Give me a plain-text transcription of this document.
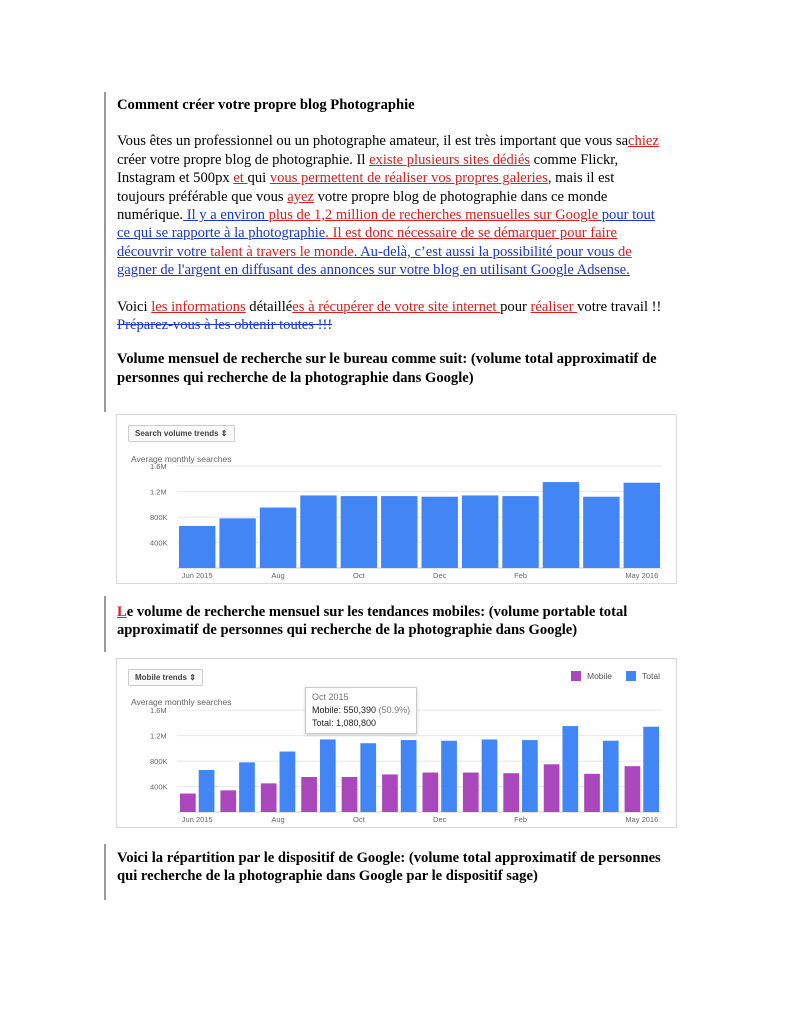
Comment créer votre propre blog Photographie

Vous êtes un professionnel ou un photographe amateur, il est très important que vous sachiez créer votre propre blog de photographie. Il existe plusieurs sites dédiés comme Flickr, Instagram et 500px et qui vous permettent de réaliser vos propres galeries, mais il est toujours préférable que vous ayez votre propre blog de photographie dans ce monde numérique. Il y a environ plus de 1,2 million de recherches mensuelles sur Google pour tout ce qui se rapporte à la photographie. Il est donc nécessaire de se démarquer pour faire découvrir votre talent à travers le monde. Au-delà, c’est aussi la possibilité pour vous de gagner de l'argent en diffusant des annonces sur votre blog en utilisant Google Adsense.

Voici les informations détaillées à récupérer de votre site internet pour réaliser votre travail !! Préparez-vous à les obtenir toutes !!!

Volume mensuel de recherche sur le bureau comme suit: (volume total approximatif de personnes qui recherche de la photographie dans Google)

Search volume trends ⇕
Average monthly searches
400K
800K
1.2M
1.6M
Jun 2015	Aug	Oct	Dec	Feb	May 2016
Le volume de recherche mensuel sur les tendances mobiles: (volume portable total approximatif de personnes qui recherche de la photographie dans Google)
Mobile trends ⇕
Average monthly searches
Mobile	Total
400K
800K
1.2M
1.6M
Jun 2015	Aug	Oct	Dec	Feb	May 2016
Oct 2015
Mobile: 550,390 (50.9%)
Total: 1,080,800
Voici la répartition par le dispositif de Google: (volume total approximatif de personnes qui recherche de la photographie dans Google par le dispositif sage)
